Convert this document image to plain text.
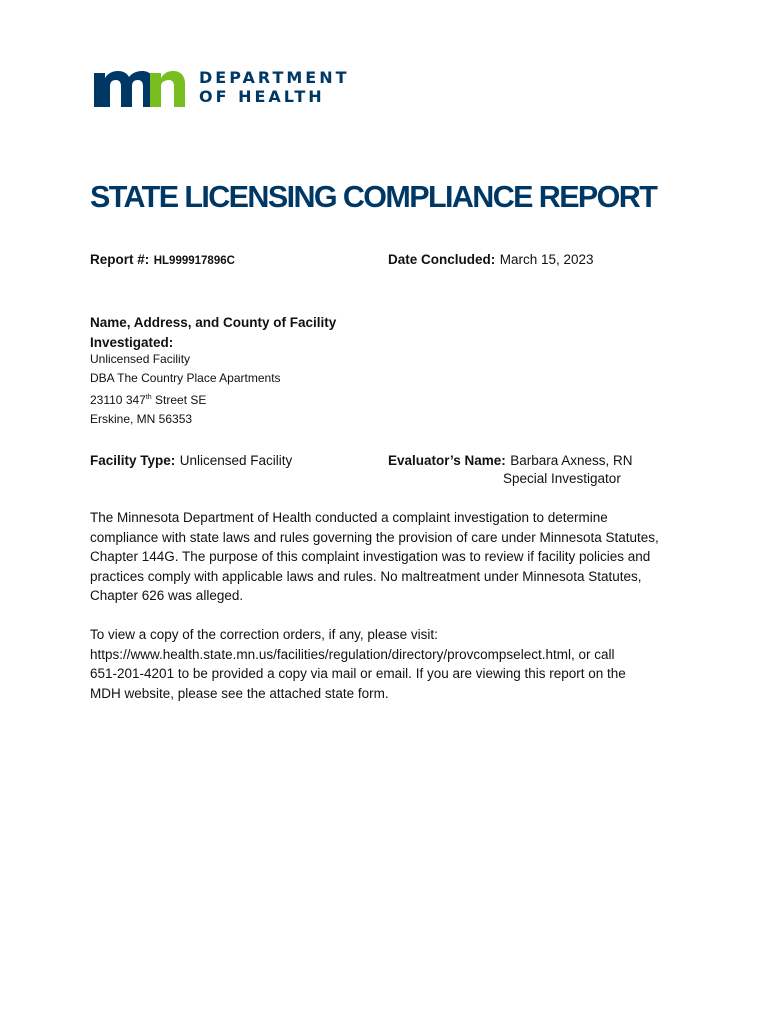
DEPARTMENT
OF HEALTH
STATE LICENSING COMPLIANCE REPORT
Report #: HL999917896C	Date Concluded: March 15, 2023
Name, Address, and County of Facility
Investigated:
Unlicensed Facility
DBA The Country Place Apartments
23110 347th Street SE
Erskine, MN 56353
Facility Type: Unlicensed Facility	Evaluator’s Name: Barbara Axness, RN
Special Investigator
The Minnesota Department of Health conducted a complaint investigation to determine
compliance with state laws and rules governing the provision of care under Minnesota Statutes,
Chapter 144G. The purpose of this complaint investigation was to review if facility policies and
practices comply with applicable laws and rules. No maltreatment under Minnesota Statutes,
Chapter 626 was alleged.
To view a copy of the correction orders, if any, please visit:
https://www.health.state.mn.us/facilities/regulation/directory/provcompselect.html, or call
651-201-4201 to be provided a copy via mail or email. If you are viewing this report on the
MDH website, please see the attached state form.
